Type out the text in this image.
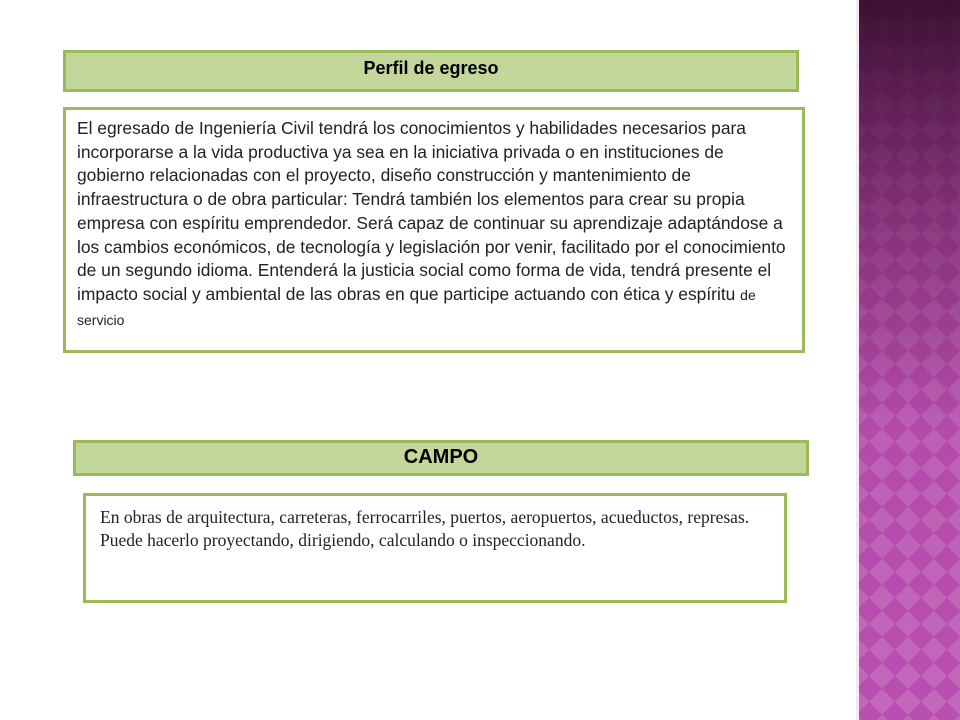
Perfil de egreso
El egresado de Ingeniería Civil tendrá los conocimientos y habilidades necesarios para incorporarse a la vida productiva ya sea en la iniciativa privada o en instituciones de gobierno relacionadas con el proyecto, diseño construcción y mantenimiento de infraestructura o de obra particular: Tendrá también los elementos para crear su propia empresa con espíritu emprendedor. Será capaz de continuar su aprendizaje adaptándose a los cambios económicos, de tecnología y legislación por venir, facilitado por el conocimiento de un segundo idioma. Entenderá la justicia social como forma de vida, tendrá presente el impacto social y ambiental de las obras en que participe actuando con ética y espíritu de servicio
CAMPO
En obras de arquitectura, carreteras, ferrocarriles, puertos, aeropuertos, acueductos, represas. Puede hacerlo proyectando, dirigiendo, calculando o inspeccionando.
